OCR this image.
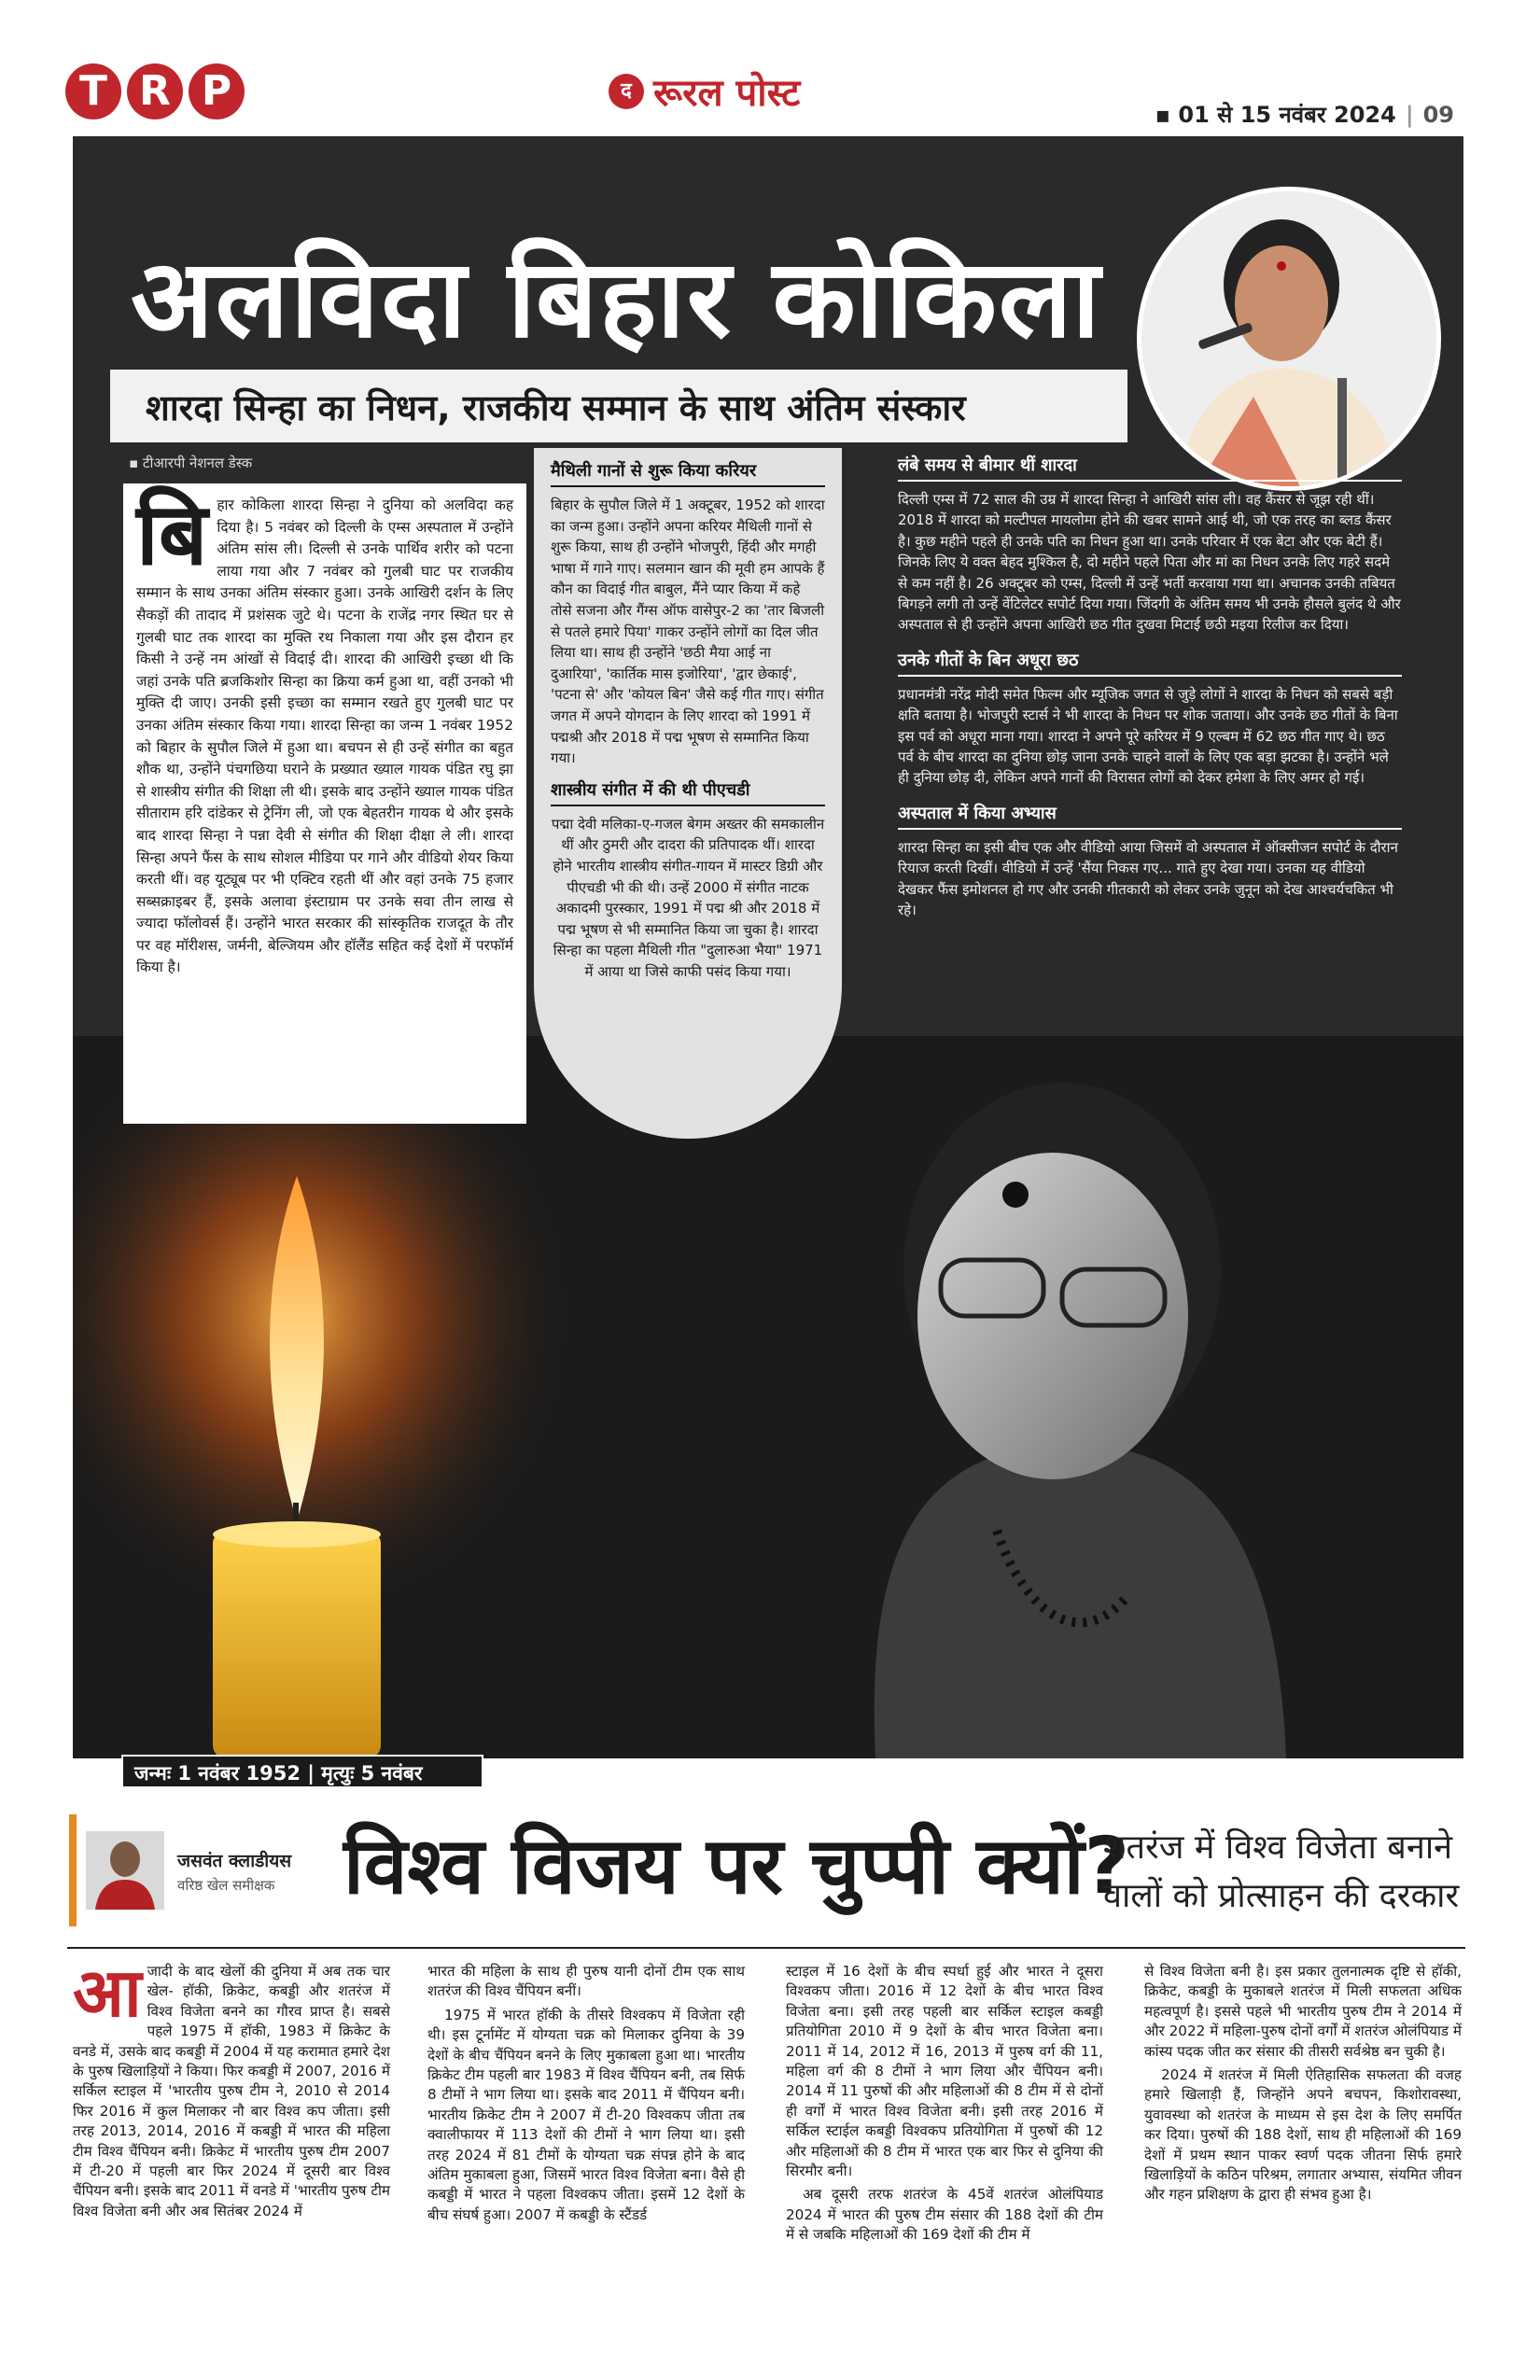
T R P	द रूरल पोस्ट	▪ 01 से 15 नवंबर 2024 | 09
अलविदा बिहार कोकिला
शारदा सिन्हा का निधन, राजकीय सम्मान के साथ अंतिम संस्कार
▪ टीआरपी नेशनल डेस्क
बि हार कोकिला शारदा सिन्हा ने दुनिया को अलविदा कह दिया है। 5 नवंबर को दिल्ली के एम्स अस्पताल में उन्होंने अंतिम सांस ली। दिल्ली से उनके पार्थिव शरीर को पटना लाया गया और 7 नवंबर को गुलबी घाट पर राजकीय सम्मान के साथ उनका अंतिम संस्कार हुआ। उनके आखिरी दर्शन के लिए सैकड़ों की तादाद में प्रशंसक जुटे थे। पटना के राजेंद्र नगर स्थित घर से गुलबी घाट तक शारदा का मुक्ति रथ निकाला गया और इस दौरान हर किसी ने उन्हें नम आंखों से विदाई दी। शारदा की आखिरी इच्छा थी कि जहां उनके पति ब्रजकिशोर सिन्हा का क्रिया कर्म हुआ था, वहीं उनको भी मुक्ति दी जाए। उनकी इसी इच्छा का सम्मान रखते हुए गुलबी घाट पर उनका अंतिम संस्कार किया गया। शारदा सिन्हा का जन्म 1 नवंबर 1952 को बिहार के सुपौल जिले में हुआ था। बचपन से ही उन्हें संगीत का बहुत शौक था, उन्होंने पंचगछिया घराने के प्रख्यात ख्याल गायक पंडित रघु झा से शास्त्रीय संगीत की शिक्षा ली थी। इसके बाद उन्होंने ख्याल गायक पंडित सीताराम हरि दांडेकर से ट्रेनिंग ली, जो एक बेहतरीन गायक थे और इसके बाद शारदा सिन्हा ने पन्ना देवी से संगीत की शिक्षा दीक्षा ले ली। शारदा सिन्हा अपने फैंस के साथ सोशल मीडिया पर गाने और वीडियो शेयर किया करती थीं। वह यूट्यूब पर भी एक्टिव रहती थीं और वहां उनके 75 हजार सब्सक्राइबर हैं, इसके अलावा इंस्टाग्राम पर उनके सवा तीन लाख से ज्यादा फॉलोवर्स हैं। उन्होंने भारत सरकार की सांस्कृतिक राजदूत के तौर पर वह मॉरीशस, जर्मनी, बेल्जियम और हॉलैंड सहित कई देशों में परफॉर्म किया है।

मैथिली गानों से शुरू किया करियर

बिहार के सुपौल जिले में 1 अक्टूबर, 1952 को शारदा का जन्म हुआ। उन्होंने अपना करियर मैथिली गानों से शुरू किया, साथ ही उन्होंने भोजपुरी, हिंदी और मगही भाषा में गाने गाए। सलमान खान की मूवी हम आपके हैं कौन का विदाई गीत बाबुल, मैंने प्यार किया में कहे तोसे सजना और गैंग्स ऑफ वासेपुर-2 का 'तार बिजली से पतले हमारे पिया' गाकर उन्होंने लोगों का दिल जीत लिया था। साथ ही उन्होंने 'छठी मैया आई ना दुआरिया', 'कार्तिक मास इजोरिया', 'द्वार छेकाई', 'पटना से' और 'कोयल बिन' जैसे कई गीत गाए। संगीत जगत में अपने योगदान के लिए शारदा को 1991 में पद्मश्री और 2018 में पद्म भूषण से सम्मानित किया गया।

शास्त्रीय संगीत में की थी पीएचडी

पद्मा देवी मलिका-ए-गजल बेगम अख्तर की समकालीन थीं और ठुमरी और दादरा की प्रतिपादक थीं। शारदा होने भारतीय शास्त्रीय संगीत-गायन में मास्टर डिग्री और पीएचडी भी की थी। उन्हें 2000 में संगीत नाटक अकादमी पुरस्कार, 1991 में पद्म श्री और 2018 में पद्म भूषण से भी सम्मानित किया जा चुका है। शारदा सिन्हा का पहला मैथिली गीत "दुलारुआ भैया" 1971 में आया था जिसे काफी पसंद किया गया।

लंबे समय से बीमार थीं शारदा

दिल्ली एम्स में 72 साल की उम्र में शारदा सिन्हा ने आखिरी सांस ली। वह कैंसर से जूझ रही थीं। 2018 में शारदा को मल्टीपल मायलोमा होने की खबर सामने आई थी, जो एक तरह का ब्लड कैंसर है। कुछ महीने पहले ही उनके पति का निधन हुआ था। उनके परिवार में एक बेटा और एक बेटी हैं। जिनके लिए ये वक्त बेहद मुश्किल है, दो महीने पहले पिता और मां का निधन उनके लिए गहरे सदमे से कम नहीं है। 26 अक्टूबर को एम्स, दिल्ली में उन्हें भर्ती करवाया गया था। अचानक उनकी तबियत बिगड़ने लगी तो उन्हें वेंटिलेटर सपोर्ट दिया गया। जिंदगी के अंतिम समय भी उनके हौसले बुलंद थे और अस्पताल से ही उन्होंने अपना आखिरी छठ गीत दुखवा मिटाई छठी मइया रिलीज कर दिया।

उनके गीतों के बिन अधूरा छठ

प्रधानमंत्री नरेंद्र मोदी समेत फिल्म और म्यूजिक जगत से जुड़े लोगों ने शारदा के निधन को सबसे बड़ी क्षति बताया है। भोजपुरी स्टार्स ने भी शारदा के निधन पर शोक जताया। और उनके छठ गीतों के बिना इस पर्व को अधूरा माना गया। शारदा ने अपने पूरे करियर में 9 एल्बम में 62 छठ गीत गाए थे। छठ पर्व के बीच शारदा का दुनिया छोड़ जाना उनके चाहने वालों के लिए एक बड़ा झटका है। उन्होंने भले ही दुनिया छोड़ दी, लेकिन अपने गानों की विरासत लोगों को देकर हमेशा के लिए अमर हो गई।

अस्पताल में किया अभ्यास

शारदा सिन्हा का इसी बीच एक और वीडियो आया जिसमें वो अस्पताल में ऑक्सीजन सपोर्ट के दौरान रियाज करती दिखीं। वीडियो में उन्हें 'सैंया निकस गए... गाते हुए देखा गया। उनका यह वीडियो देखकर फैंस इमोशनल हो गए और उनकी गीतकारी को लेकर उनके जुनून को देख आश्चर्यचकित भी रहे।

जन्मः 1 नवंबर 1952 | मृत्युः 5 नवंबर 2024
जसवंत क्लाडीयस
वरिष्ठ खेल समीक्षक विश्व विजय पर चुप्पी क्यों?
शतरंज में विश्व विजेता बनाने
वालों को प्रोत्साहन की दरकार
आ जादी के बाद खेलों की दुनिया में अब तक चार खेल- हॉकी, क्रिकेट, कबड्डी और शतरंज में विश्व विजेता बनने का गौरव प्राप्त है। सबसे पहले 1975 में हॉकी, 1983 में क्रिकेट के वनडे में, उसके बाद कबड्डी में 2004 में यह करामात हमारे देश के पुरुष खिलाड़ियों ने किया। फिर कबड्डी में 2007, 2016 में सर्किल स्टाइल में 'भारतीय पुरुष टीम ने, 2010 से 2014 फिर 2016 में कुल मिलाकर नौ बार विश्व कप जीता। इसी तरह 2013, 2014, 2016 में कबड्डी में भारत की महिला टीम विश्व चैंपियन बनी। क्रिकेट में भारतीय पुरुष टीम 2007 में टी-20 में पहली बार फिर 2024 में दूसरी बार विश्व चैंपियन बनी। इसके बाद 2011 में वनडे में 'भारतीय पुरुष टीम विश्व विजेता बनी और अब सितंबर 2024 में

भारत की महिला के साथ ही पुरुष यानी दोनों टीम एक साथ शतरंज की विश्व चैंपियन बनीं।

1975 में भारत हॉकी के तीसरे विश्वकप में विजेता रही थी। इस टूर्नामेंट में योग्यता चक्र को मिलाकर दुनिया के 39 देशों के बीच चैंपियन बनने के लिए मुकाबला हुआ था। भारतीय क्रिकेट टीम पहली बार 1983 में विश्व चैंपियन बनी, तब सिर्फ 8 टीमों ने भाग लिया था। इसके बाद 2011 में चैंपियन बनी। भारतीय क्रिकेट टीम ने 2007 में टी-20 विश्वकप जीता तब क्वालीफायर में 113 देशों की टीमों ने भाग लिया था। इसी तरह 2024 में 81 टीमों के योग्यता चक्र संपन्न होने के बाद अंतिम मुकाबला हुआ, जिसमें भारत विश्व विजेता बना। वैसे ही कबड्डी में भारत ने पहला विश्वकप जीता। इसमें 12 देशों के बीच संघर्ष हुआ। 2007 में कबड्डी के स्टैंडर्ड

स्टाइल में 16 देशों के बीच स्पर्धा हुई और भारत ने दूसरा विश्वकप जीता। 2016 में 12 देशों के बीच भारत विश्व विजेता बना। इसी तरह पहली बार सर्किल स्टाइल कबड्डी प्रतियोगिता 2010 में 9 देशों के बीच भारत विजेता बना। 2011 में 14, 2012 में 16, 2013 में पुरुष वर्ग की 11, महिला वर्ग की 8 टीमों ने भाग लिया और चैंपियन बनी। 2014 में 11 पुरुषों की और महिलाओं की 8 टीम में से दोनों ही वर्गों में भारत विश्व विजेता बनी। इसी तरह 2016 में सर्किल स्टाईल कबड्डी विश्वकप प्रतियोगिता में पुरुषों की 12 और महिलाओं की 8 टीम में भारत एक बार फिर से दुनिया की सिरमौर बनी।

अब दूसरी तरफ शतरंज के 45वें शतरंज ओलंपियाड 2024 में भारत की पुरुष टीम संसार की 188 देशों की टीम में से जबकि महिलाओं की 169 देशों की टीम में

से विश्व विजेता बनी है। इस प्रकार तुलनात्मक दृष्टि से हॉकी, क्रिकेट, कबड्डी के मुकाबले शतरंज में मिली सफलता अधिक महत्वपूर्ण है। इससे पहले भी भारतीय पुरुष टीम ने 2014 में और 2022 में महिला-पुरुष दोनों वर्गों में शतरंज ओलंपियाड में कांस्य पदक जीत कर संसार की तीसरी सर्वश्रेष्ठ बन चुकी है।

2024 में शतरंज में मिली ऐतिहासिक सफलता की वजह हमारे खिलाड़ी हैं, जिन्होंने अपने बचपन, किशोरावस्था, युवावस्था को शतरंज के माध्यम से इस देश के लिए समर्पित कर दिया। पुरुषों की 188 देशों, साथ ही महिलाओं की 169 देशों में प्रथम स्थान पाकर स्वर्ण पदक जीतना सिर्फ हमारे खिलाड़ियों के कठिन परिश्रम, लगातार अभ्यास, संयमित जीवन और गहन प्रशिक्षण के द्वारा ही संभव हुआ है।
